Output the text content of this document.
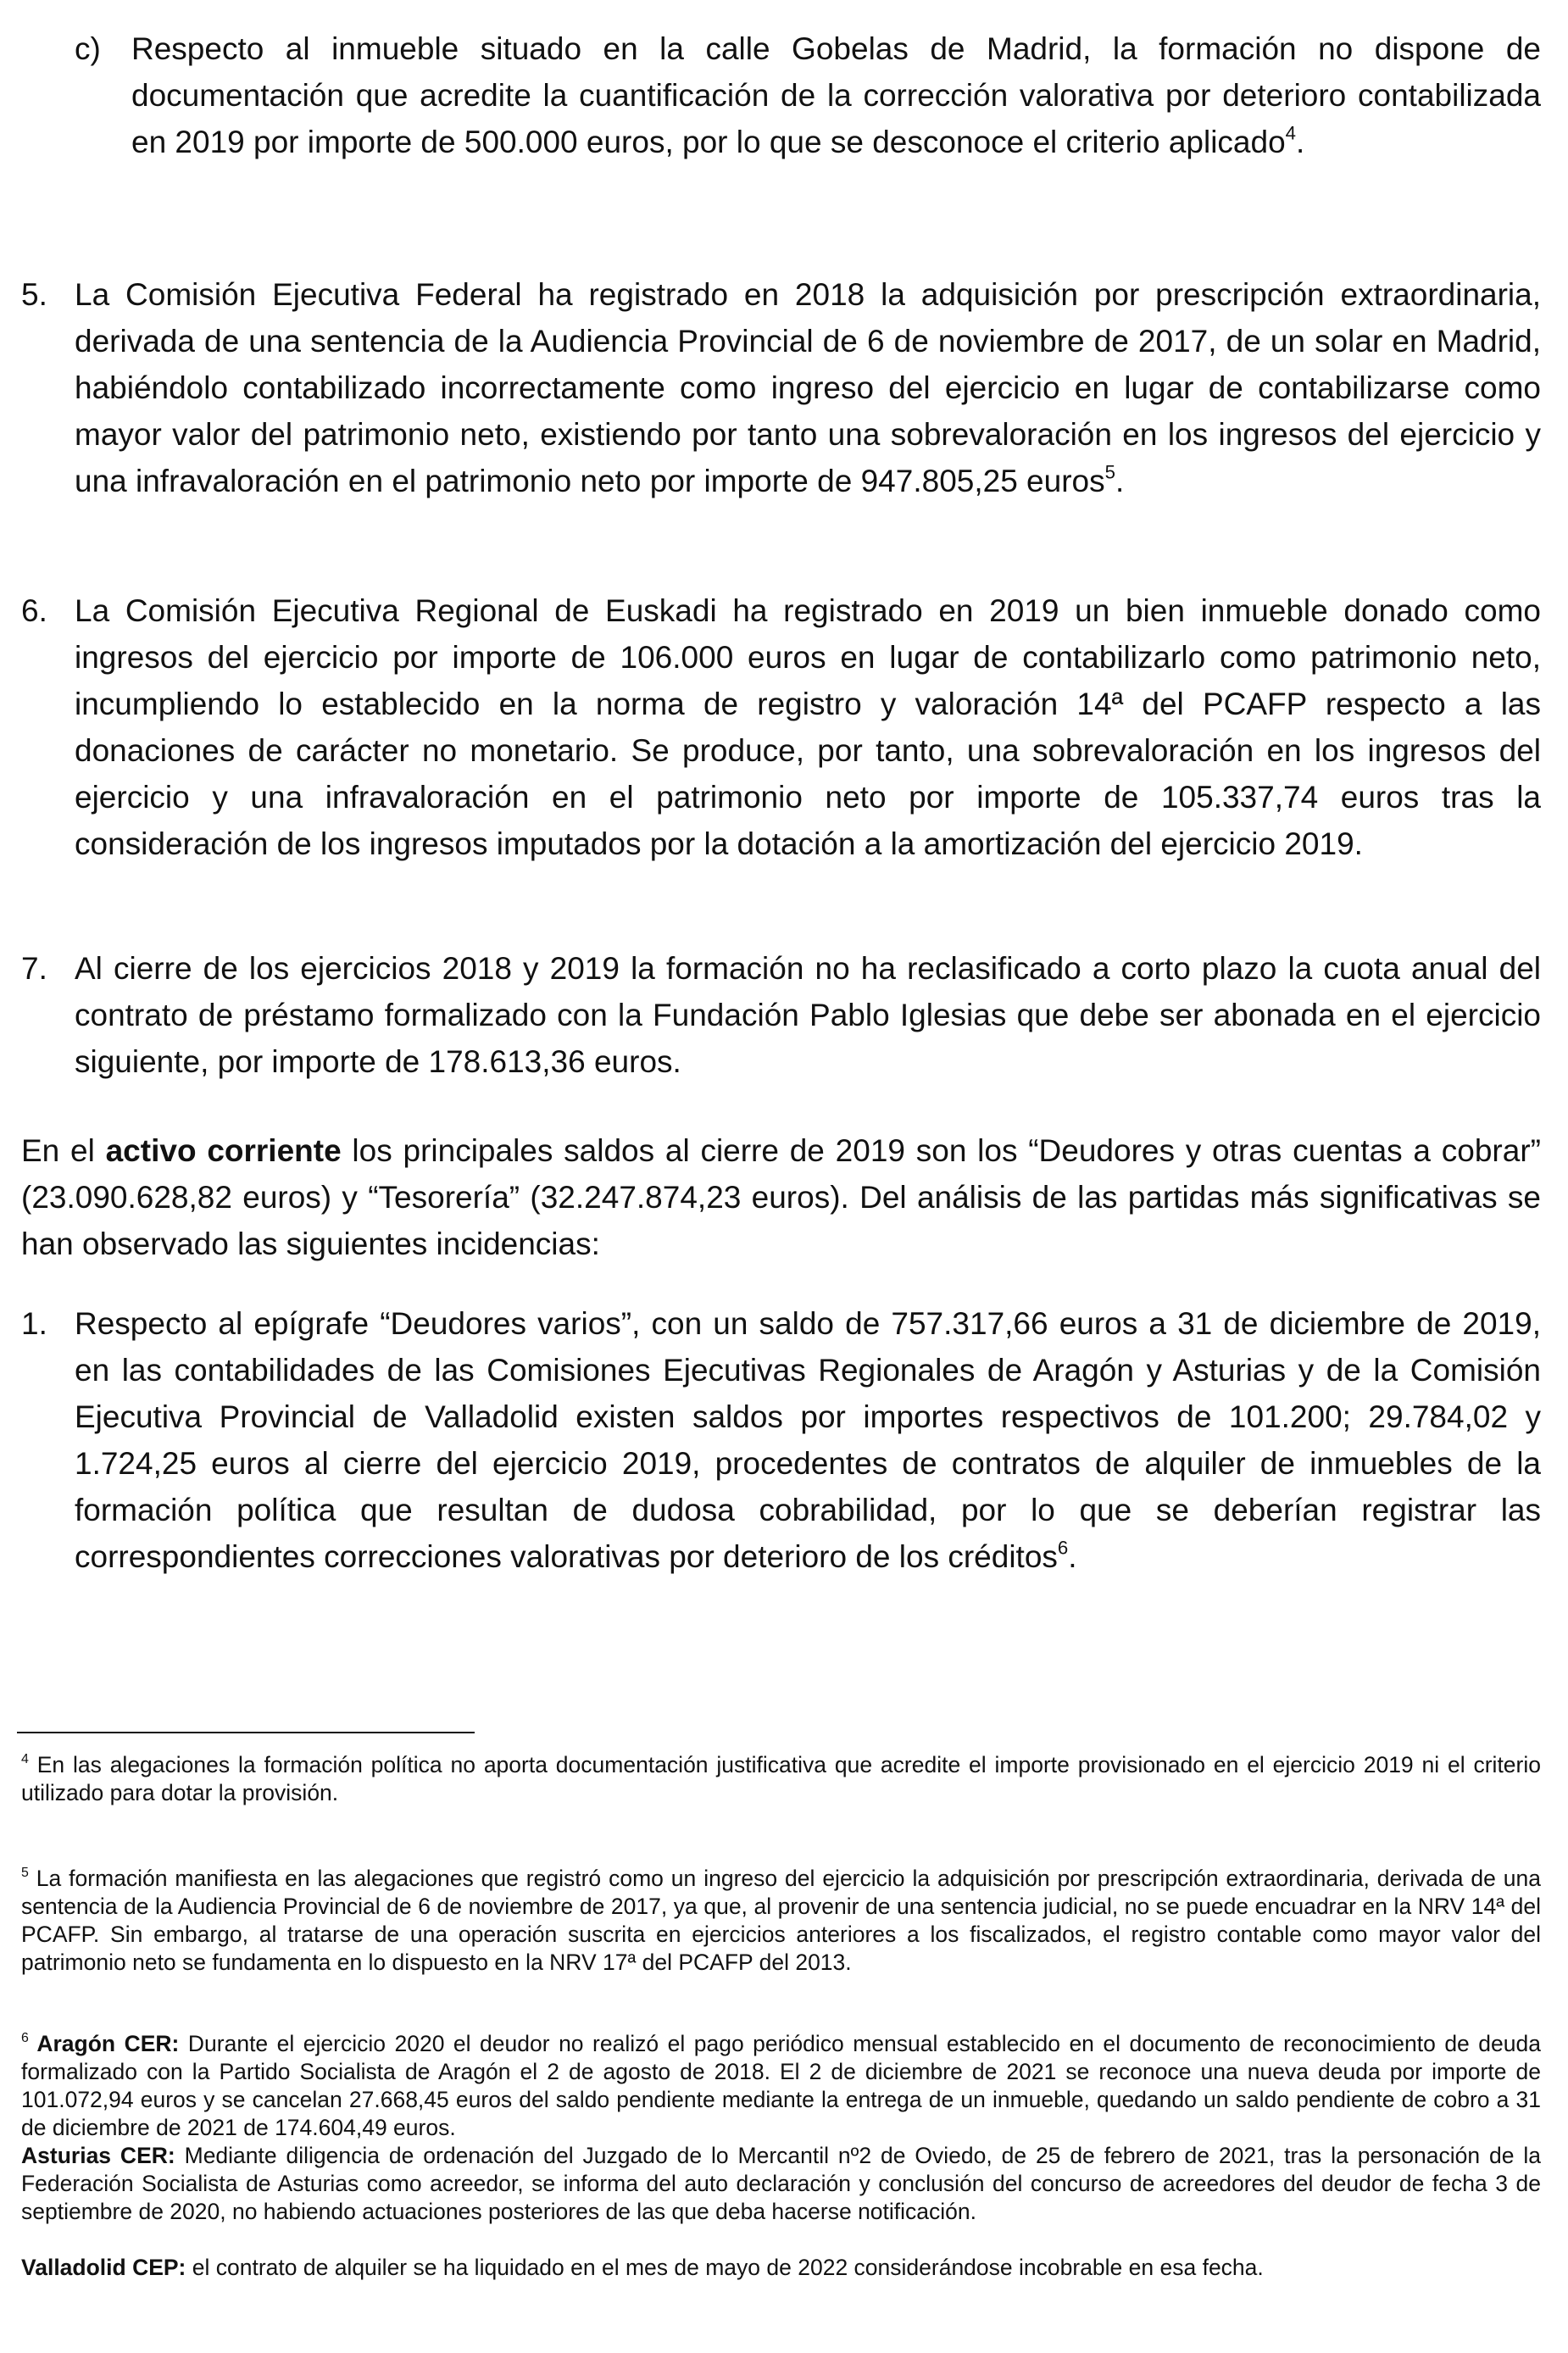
c) Respecto al inmueble situado en la calle Gobelas de Madrid, la formación no dispone de documentación que acredite la cuantificación de la corrección valorativa por deterioro contabilizada en 2019 por importe de 500.000 euros, por lo que se desconoce el criterio aplicado$^4$.
5. La Comisión Ejecutiva Federal ha registrado en 2018 la adquisición por prescripción extraordinaria, derivada de una sentencia de la Audiencia Provincial de 6 de noviembre de 2017, de un solar en Madrid, habiéndolo contabilizado incorrectamente como ingreso del ejercicio en lugar de contabilizarse como mayor valor del patrimonio neto, existiendo por tanto una sobrevaloración en los ingresos del ejercicio y una infravaloración en el patrimonio neto por importe de 947.805,25 euros$^5$.
6. La Comisión Ejecutiva Regional de Euskadi ha registrado en 2019 un bien inmueble donado como ingresos del ejercicio por importe de 106.000 euros en lugar de contabilizarlo como patrimonio neto, incumpliendo lo establecido en la norma de registro y valoración 14ª del PCAFP respecto a las donaciones de carácter no monetario. Se produce, por tanto, una sobrevaloración en los ingresos del ejercicio y una infravaloración en el patrimonio neto por importe de 105.337,74 euros tras la consideración de los ingresos imputados por la dotación a la amortización del ejercicio 2019.
7. Al cierre de los ejercicios 2018 y 2019 la formación no ha reclasificado a corto plazo la cuota anual del contrato de préstamo formalizado con la Fundación Pablo Iglesias que debe ser abonada en el ejercicio siguiente, por importe de 178.613,36 euros.
En el activo corriente los principales saldos al cierre de 2019 son los “Deudores y otras cuentas a cobrar” (23.090.628,82 euros) y “Tesorería” (32.247.874,23 euros). Del análisis de las partidas más significativas se han observado las siguientes incidencias:
1. Respecto al epígrafe “Deudores varios”, con un saldo de 757.317,66 euros a 31 de diciembre de 2019, en las contabilidades de las Comisiones Ejecutivas Regionales de Aragón y Asturias y de la Comisión Ejecutiva Provincial de Valladolid existen saldos por importes respectivos de 101.200; 29.784,02 y 1.724,25 euros al cierre del ejercicio 2019, procedentes de contratos de alquiler de inmuebles de la formación política que resultan de dudosa cobrabilidad, por lo que se deberían registrar las correspondientes correcciones valorativas por deterioro de los créditos$^6$.
$^4$ En las alegaciones la formación política no aporta documentación justificativa que acredite el importe provisionado en el ejercicio 2019 ni el criterio utilizado para dotar la provisión.
$^5$ La formación manifiesta en las alegaciones que registró como un ingreso del ejercicio la adquisición por prescripción extraordinaria, derivada de una sentencia de la Audiencia Provincial de 6 de noviembre de 2017, ya que, al provenir de una sentencia judicial, no se puede encuadrar en la NRV 14ª del PCAFP. Sin embargo, al tratarse de una operación suscrita en ejercicios anteriores a los fiscalizados, el registro contable como mayor valor del patrimonio neto se fundamenta en lo dispuesto en la NRV 17ª del PCAFP del 2013.
$^6$ Aragón CER: Durante el ejercicio 2020 el deudor no realizó el pago periódico mensual establecido en el documento de reconocimiento de deuda formalizado con la Partido Socialista de Aragón el 2 de agosto de 2018. El 2 de diciembre de 2021 se reconoce una nueva deuda por importe de 101.072,94 euros y se cancelan 27.668,45 euros del saldo pendiente mediante la entrega de un inmueble, quedando un saldo pendiente de cobro a 31 de diciembre de 2021 de 174.604,49 euros.
Asturias CER: Mediante diligencia de ordenación del Juzgado de lo Mercantil nº2 de Oviedo, de 25 de febrero de 2021, tras la personación de la Federación Socialista de Asturias como acreedor, se informa del auto declaración y conclusión del concurso de acreedores del deudor de fecha 3 de septiembre de 2020, no habiendo actuaciones posteriores de las que deba hacerse notificación.
Valladolid CEP: el contrato de alquiler se ha liquidado en el mes de mayo de 2022 considerándose incobrable en esa fecha.
